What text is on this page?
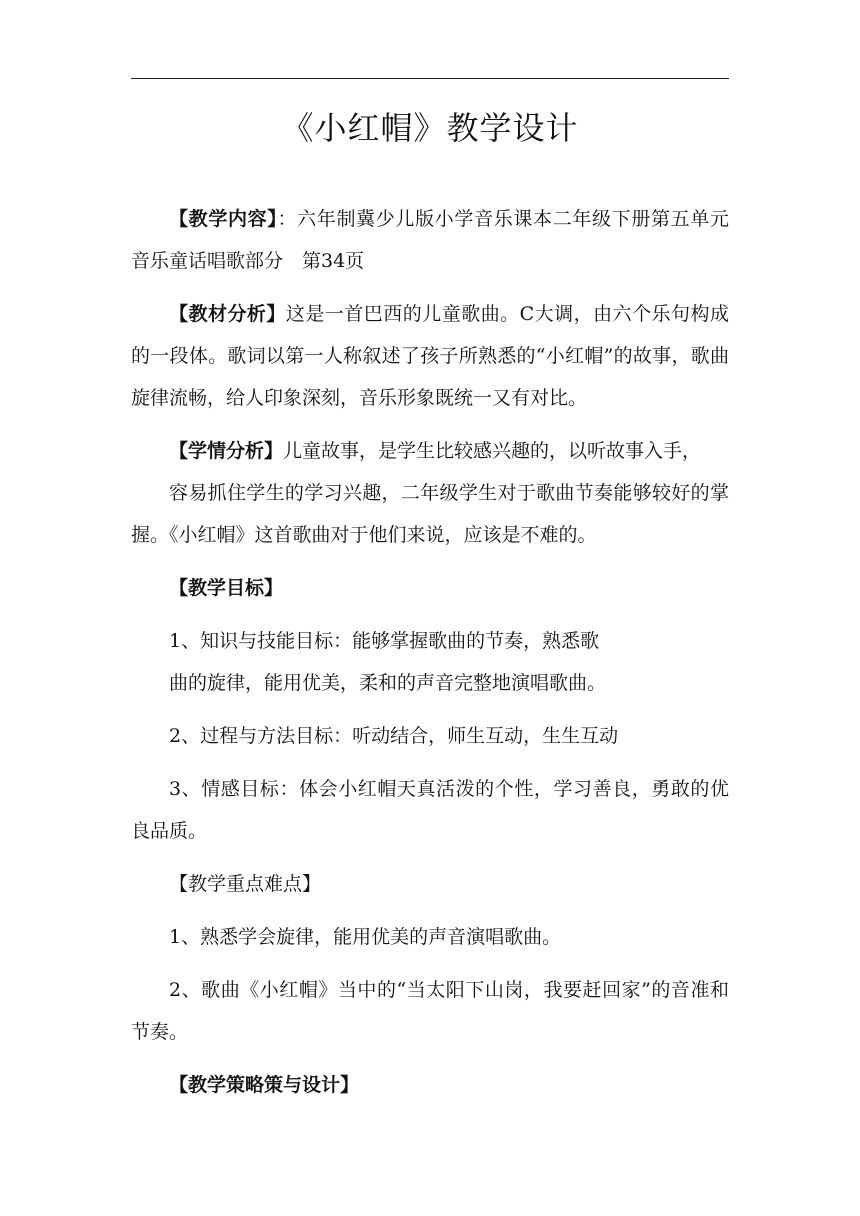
《小红帽》教学设计

【教学内容】：六年制冀少儿版小学音乐课本二年级下册第五单元音乐童话唱歌部分　第34页

【教材分析】这是一首巴西的儿童歌曲。C大调，由六个乐句构成的一段体。歌词以第一人称叙述了孩子所熟悉的“小红帽”的故事，歌曲旋律流畅，给人印象深刻，音乐形象既统一又有对比。

【学情分析】儿童故事，是学生比较感兴趣的，以听故事入手，

容易抓住学生的学习兴趣，二年级学生对于歌曲节奏能够较好的掌握。《小红帽》这首歌曲对于他们来说，应该是不难的。

【教学目标】

1、知识与技能目标：能够掌握歌曲的节奏，熟悉歌

曲的旋律，能用优美，柔和的声音完整地演唱歌曲。

2、过程与方法目标：听动结合，师生互动，生生互动

3、情感目标：体会小红帽天真活泼的个性，学习善良，勇敢的优良品质。

【教学重点难点】

1、熟悉学会旋律，能用优美的声音演唱歌曲。

2、歌曲《小红帽》当中的“当太阳下山岗，我要赶回家”的音准和节奏。

【教学策略策与设计】
